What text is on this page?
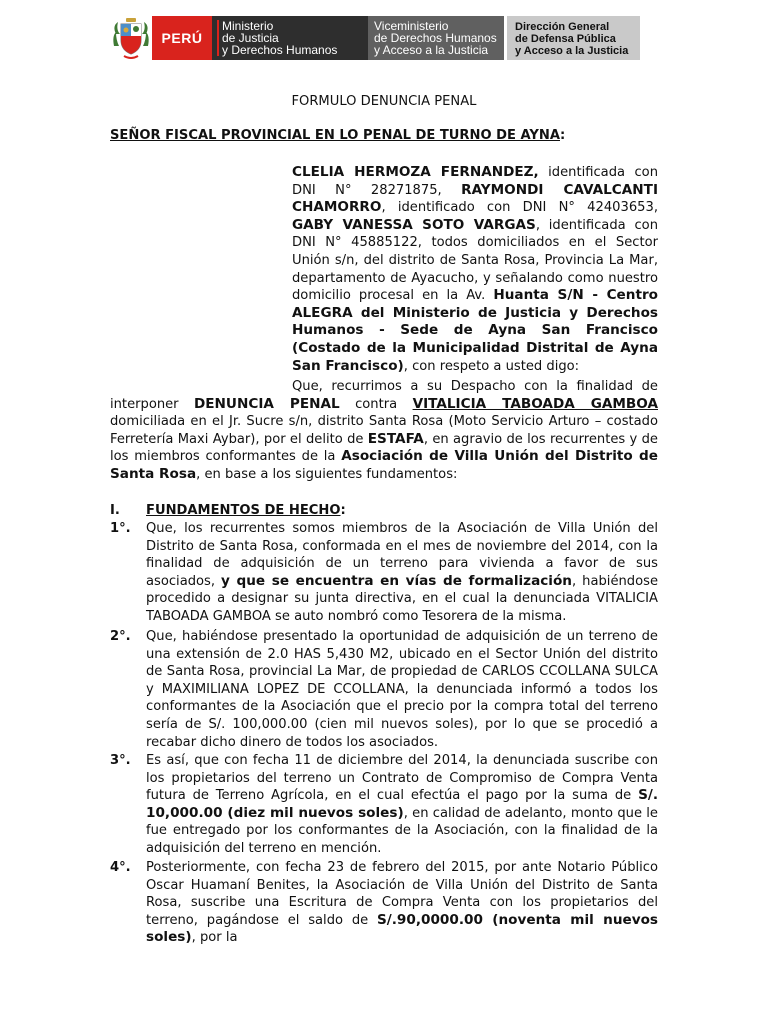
PERÚ
Ministerio
de Justicia
y Derechos Humanos
Viceministerio
de Derechos Humanos
y Acceso a la Justicia
Dirección General
de Defensa Pública
y Acceso a la Justicia
FORMULO DENUNCIA PENAL
SEÑOR FISCAL PROVINCIAL EN LO PENAL DE TURNO DE AYNA:
CLELIA HERMOZA FERNANDEZ, identificada con DNI N° 28271875, RAYMONDI CAVALCANTI CHAMORRO, identificado con DNI N° 42403653, GABY VANESSA SOTO VARGAS, identificada con DNI N° 45885122, todos domiciliados en el Sector Unión s/n, del distrito de Santa Rosa, Provincia La Mar, departamento de Ayacucho, y señalando como nuestro domicilio procesal en la Av. Huanta S/N - Centro ALEGRA del Ministerio de Justicia y Derechos Humanos - Sede de Ayna San Francisco (Costado de la Municipalidad Distrital de Ayna San Francisco), con respeto a usted digo:
Que, recurrimos a su Despacho con la finalidad de interponer DENUNCIA PENAL contra VITALICIA TABOADA GAMBOA domiciliada en el Jr. Sucre s/n, distrito Santa Rosa (Moto Servicio Arturo – costado Ferretería Maxi Aybar), por el delito de ESTAFA, en agravio de los recurrentes y de los miembros conformantes de la Asociación de Villa Unión del Distrito de Santa Rosa, en base a los siguientes fundamentos:
I. FUNDAMENTOS DE HECHO:
1°. Que, los recurrentes somos miembros de la Asociación de Villa Unión del Distrito de Santa Rosa, conformada en el mes de noviembre del 2014, con la finalidad de adquisición de un terreno para vivienda a favor de sus asociados, y que se encuentra en vías de formalización, habiéndose procedido a designar su junta directiva, en el cual la denunciada VITALICIA TABOADA GAMBOA se auto nombró como Tesorera de la misma.
2°. Que, habiéndose presentado la oportunidad de adquisición de un terreno de una extensión de 2.0 HAS 5,430 M2, ubicado en el Sector Unión del distrito de Santa Rosa, provincial La Mar, de propiedad de CARLOS CCOLLANA SULCA y MAXIMILIANA LOPEZ DE CCOLLANA, la denunciada informó a todos los conformantes de la Asociación que el precio por la compra total del terreno sería de S/. 100,000.00 (cien mil nuevos soles), por lo que se procedió a recabar dicho dinero de todos los asociados.
3°. Es así, que con fecha 11 de diciembre del 2014, la denunciada suscribe con los propietarios del terreno un Contrato de Compromiso de Compra Venta futura de Terreno Agrícola, en el cual efectúa el pago por la suma de S/. 10,000.00 (diez mil nuevos soles), en calidad de adelanto, monto que le fue entregado por los conformantes de la Asociación, con la finalidad de la adquisición del terreno en mención.
4°. Posteriormente, con fecha 23 de febrero del 2015, por ante Notario Público Oscar Huamaní Benites, la Asociación de Villa Unión del Distrito de Santa Rosa, suscribe una Escritura de Compra Venta con los propietarios del terreno, pagándose el saldo de S/.90,0000.00 (noventa mil nuevos soles), por la
